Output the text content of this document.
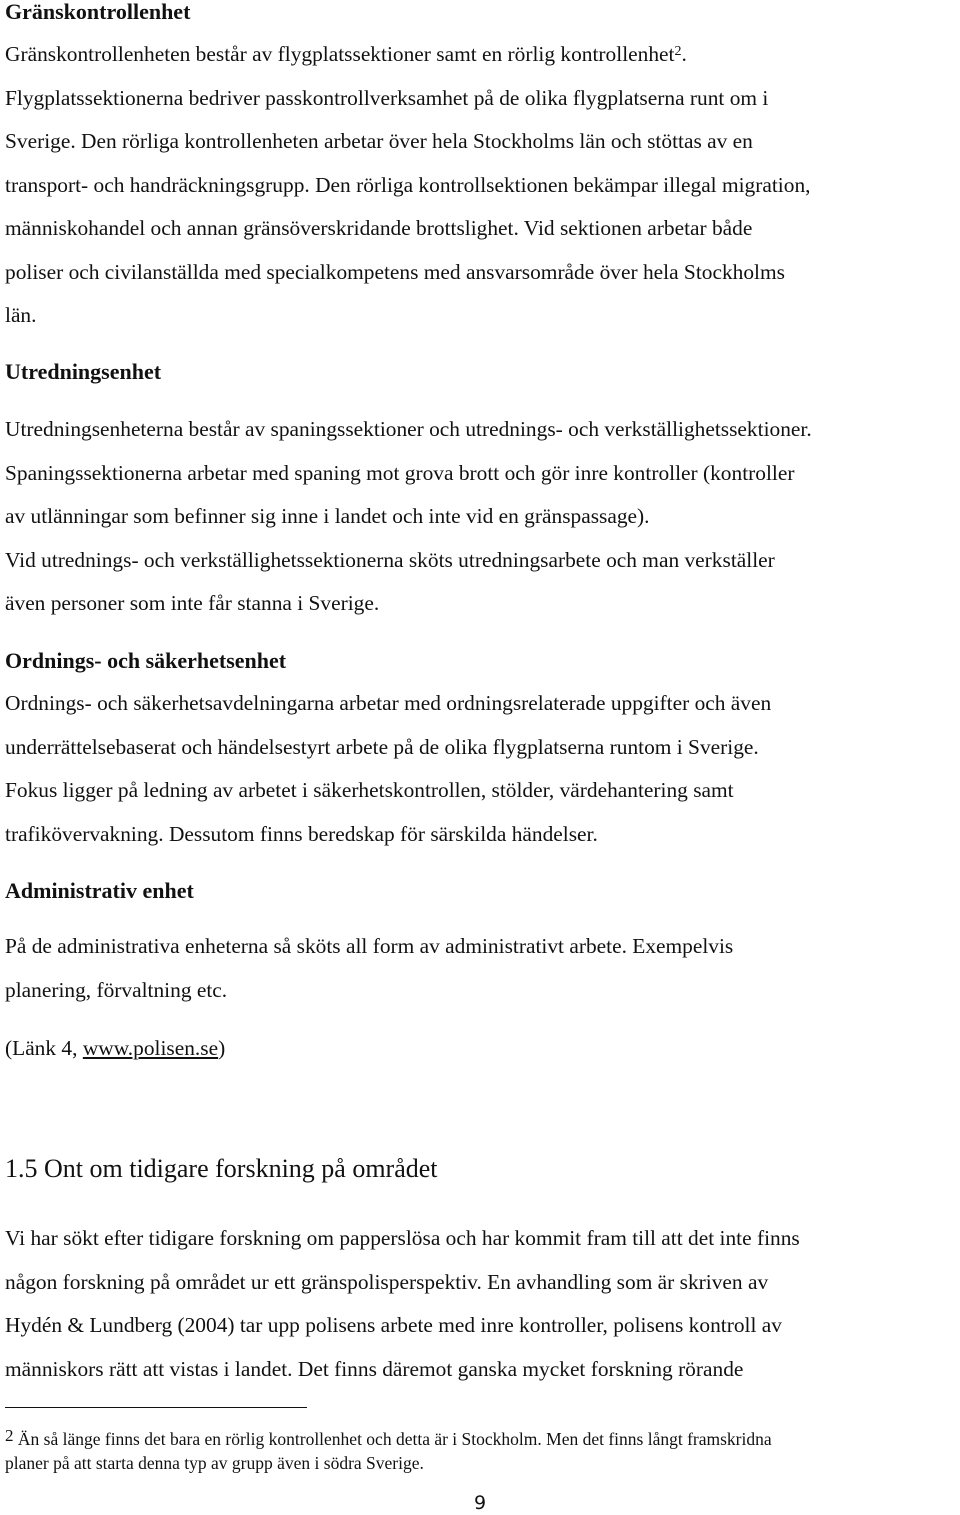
Gränskontrollenhet
Gränskontrollenheten består av flygplatssektioner samt en rörlig kontrollenhet$^2$.
Flygplatssektionerna bedriver passkontrollverksamhet på de olika flygplatserna runt om i
Sverige. Den rörliga kontrollenheten arbetar över hela Stockholms län och stöttas av en
transport- och handräckningsgrupp. Den rörliga kontrollsektionen bekämpar illegal migration,
människohandel och annan gränsöverskridande brottslighet. Vid sektionen arbetar både
poliser och civilanställda med specialkompetens med ansvarsområde över hela Stockholms
län.
Utredningsenhet
Utredningsenheterna består av spaningssektioner och utrednings- och verkställighetssektioner.
Spaningssektionerna arbetar med spaning mot grova brott och gör inre kontroller (kontroller
av utlänningar som befinner sig inne i landet och inte vid en gränspassage).
Vid utrednings- och verkställighetssektionerna sköts utredningsarbete och man verkställer
även personer som inte får stanna i Sverige.
Ordnings- och säkerhetsenhet
Ordnings- och säkerhetsavdelningarna arbetar med ordningsrelaterade uppgifter och även
underrättelsebaserat och händelsestyrt arbete på de olika flygplatserna runtom i Sverige.
Fokus ligger på ledning av arbetet i säkerhetskontrollen, stölder, värdehantering samt
trafikövervakning. Dessutom finns beredskap för särskilda händelser.
Administrativ enhet
På de administrativa enheterna så sköts all form av administrativt arbete. Exempelvis
planering, förvaltning etc.
(Länk 4, www.polisen.se)
1.5 Ont om tidigare forskning på området
Vi har sökt efter tidigare forskning om papperslösa och har kommit fram till att det inte finns
någon forskning på området ur ett gränspolisperspektiv. En avhandling som är skriven av
Hydén & Lundberg (2004) tar upp polisens arbete med inre kontroller, polisens kontroll av
människors rätt att vistas i landet. Det finns däremot ganska mycket forskning rörande
2 Än så länge finns det bara en rörlig kontrollenhet och detta är i Stockholm. Men det finns långt framskridna
planer på att starta denna typ av grupp även i södra Sverige.
9
